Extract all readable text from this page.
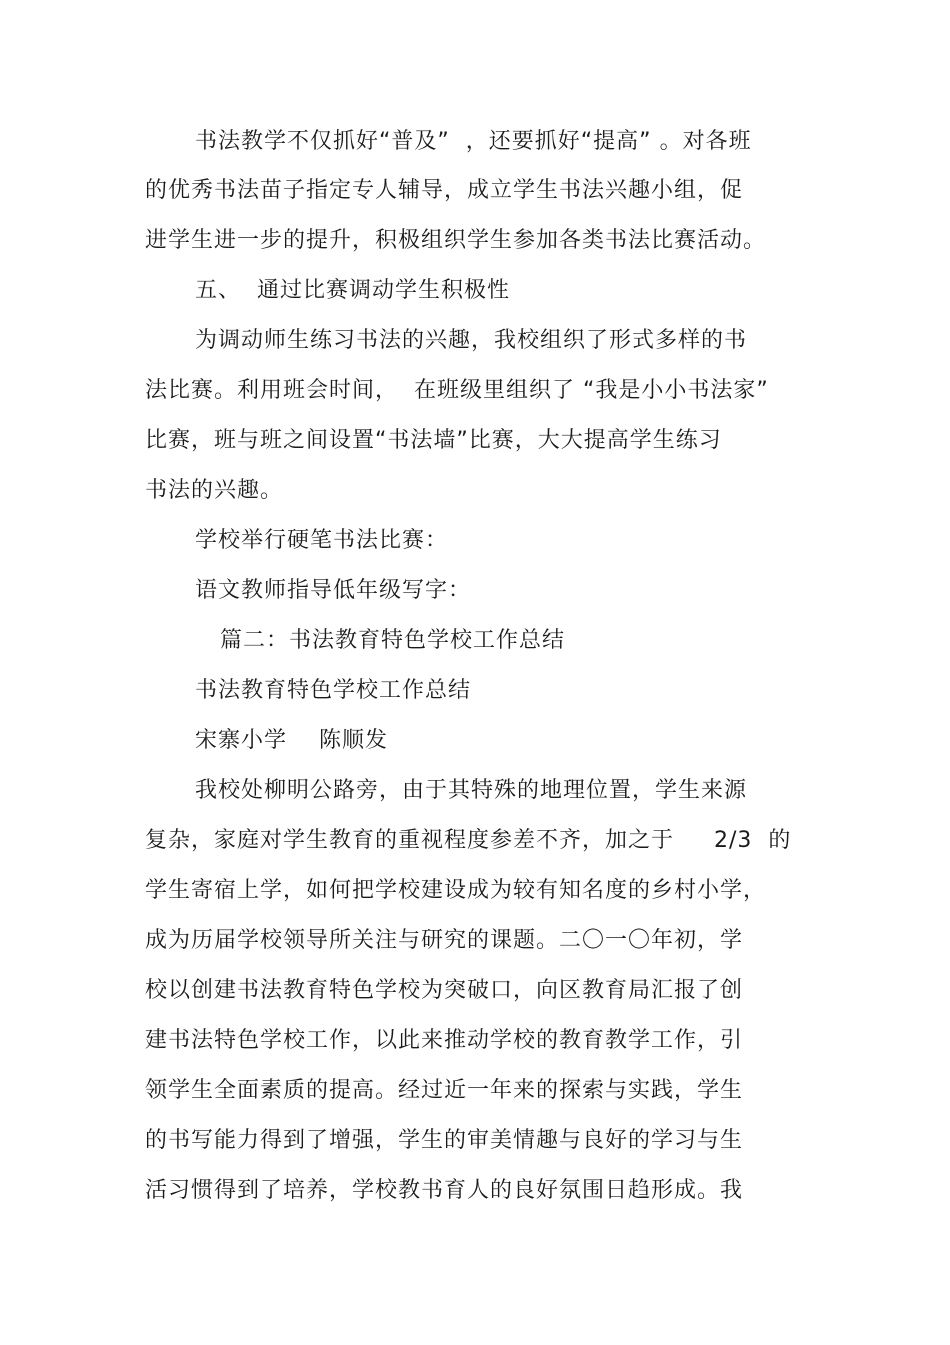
书法教学不仅抓好“普及”  ，还要抓好“提高” 。对各班
的优秀书法苗子指定专人辅导，成立学生书法兴趣小组，促
进学生进一步的提升，积极组织学生参加各类书法比赛活动。
五、  通过比赛调动学生积极性
为调动师生练习书法的兴趣，我校组织了形式多样的书
法比赛。利用班会时间，  在班级里组织了 “我是小小书法家”
比赛，班与班之间设置“书法墙”比赛，大大提高学生练习
书法的兴趣。
学校举行硬笔书法比赛：
语文教师指导低年级写字：
篇二：书法教育特色学校工作总结
书法教育特色学校工作总结
宋寨小学    陈顺发
我校处柳明公路旁，由于其特殊的地理位置，学生来源
复杂，家庭对学生教育的重视程度参差不齐，加之于     2/3  的
学生寄宿上学，如何把学校建设成为较有知名度的乡村小学，
成为历届学校领导所关注与研究的课题。二〇一〇年初，学
校以创建书法教育特色学校为突破口，向区教育局汇报了创
建书法特色学校工作，以此来推动学校的教育教学工作，引
领学生全面素质的提高。经过近一年来的探索与实践，学生
的书写能力得到了增强，学生的审美情趣与良好的学习与生
活习惯得到了培养，学校教书育人的良好氛围日趋形成。我
